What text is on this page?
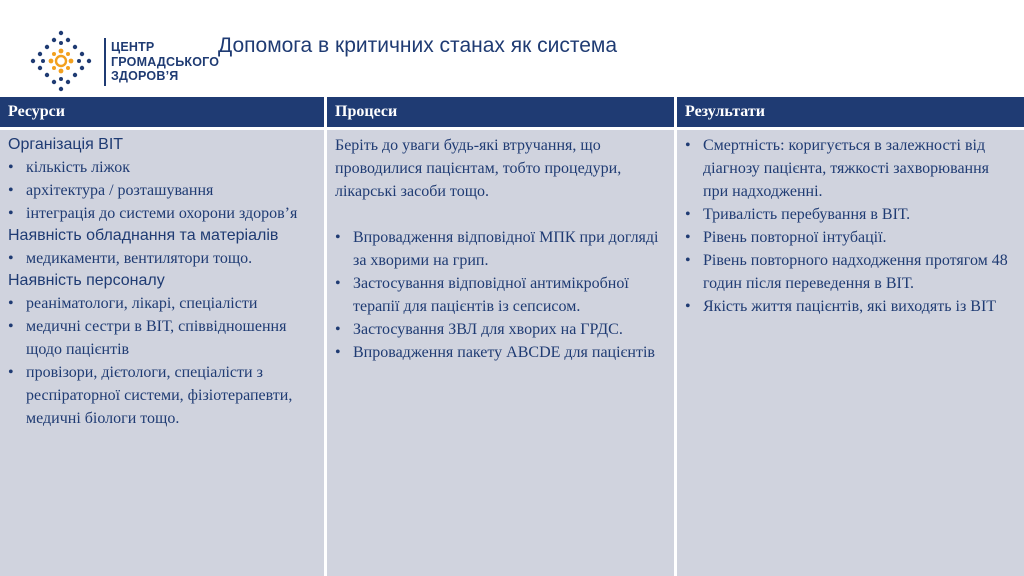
ЦЕНТР
ГРОМАДСЬКОГО
ЗДОРОВ’Я
Допомога в критичних станах як система
Ресурси	Процеси	Результати
Організація ВІТ
• кількість ліжок
• архітектура / розташування
• інтеграція до системи охорони здоров’я
Наявність обладнання та матеріалів
• медикаменти, вентилятори тощо.
Наявність персоналу
• реаніматологи, лікарі, спеціалісти
• медичні сестри в ВІТ, співвідношення щодо пацієнтів
• провізори, дієтологи, спеціалісти з респіраторної системи, фізіотерапевти, медичні біологи тощо.
Беріть до уваги будь-які втручання, що проводилися пацієнтам, тобто процедури, лікарські засоби тощо.
• Впровадження відповідної МПК при догляді за хворими на грип.
• Застосування відповідної антимікробної терапії для пацієнтів із сепсисом.
• Застосування ЗВЛ для хворих на ГРДС.
• Впровадження пакету ABCDE для пацієнтів
• Смертність: коригується в залежності від діагнозу пацієнта, тяжкості захворювання при надходженні.
• Тривалість перебування в ВІТ.
• Рівень повторної інтубації.
• Рівень повторного надходження протягом 48 годин після переведення в ВІТ.
• Якість життя пацієнтів, які виходять із ВІТ
